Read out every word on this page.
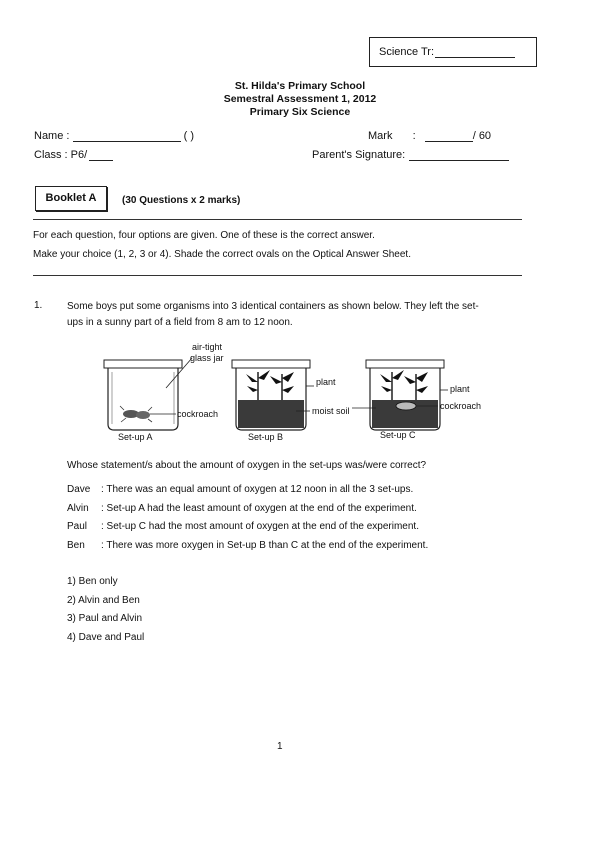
Science Tr:
St. Hilda's Primary School
Semestral Assessment 1, 2012
Primary Six Science
Name :	( )	Mark :	/ 60
Class : P6/	Parent's Signature:
Booklet A	(30 Questions x 2 marks)
For each question, four options are given. One of these is the correct answer.
Make your choice (1, 2, 3 or 4). Shade the correct ovals on the Optical Answer Sheet.
1. Some boys put some organisms into 3 identical containers as shown below. They left the set-
ups in a sunny part of a field from 8 am to 12 noon.
air-tight
glass jar
cockroach
Set-up A
plant
moist soil
Set-up B
plant
cockroach
Set-up C
Whose statement/s about the amount of oxygen in the set-ups was/were correct?
Dave : There was an equal amount of oxygen at 12 noon in all the 3 set-ups.
Alvin : Set-up A had the least amount of oxygen at the end of the experiment.
Paul : Set-up C had the most amount of oxygen at the end of the experiment.
Ben : There was more oxygen in Set-up B than C at the end of the experiment.
1) Ben only
2) Alvin and Ben
3) Paul and Alvin
4) Dave and Paul
1
